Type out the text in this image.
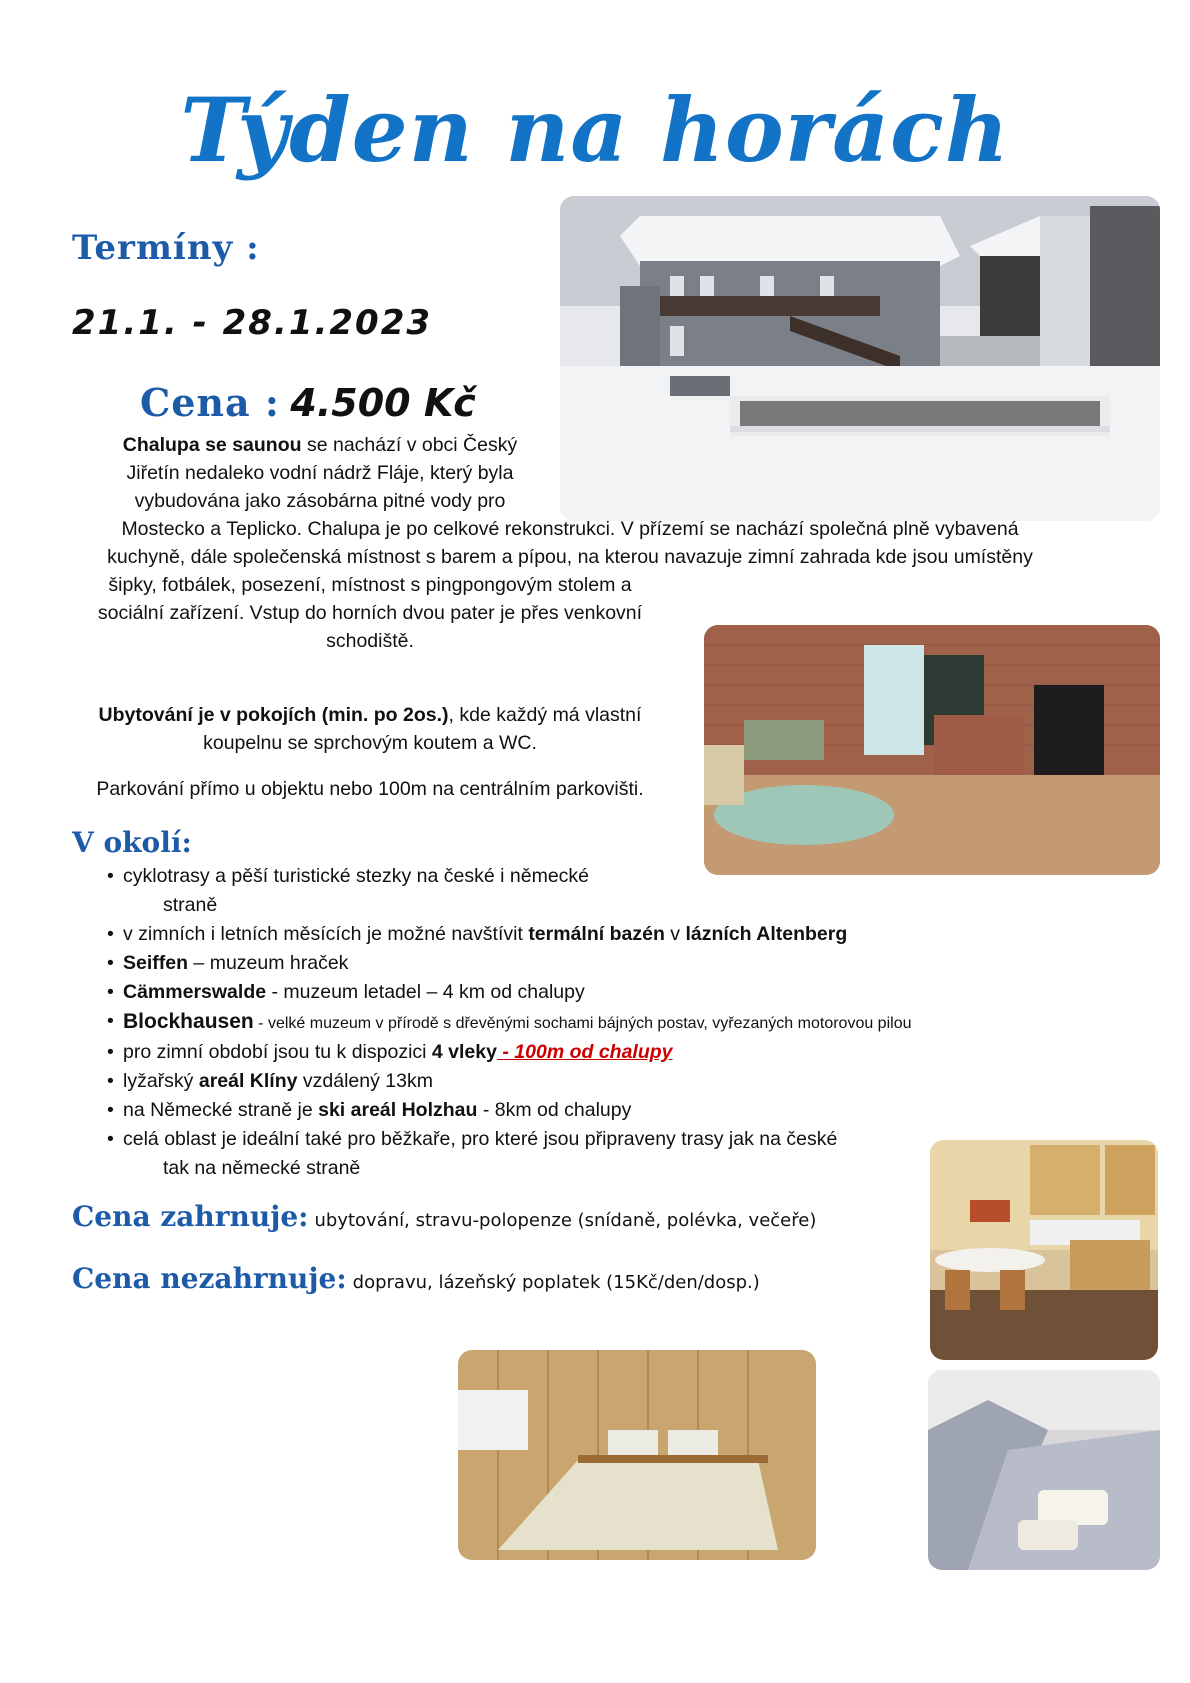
Týden na horách
Termíny :
21.1. - 28.1.2023
Cena : 4.500 Kč
Chalupa se saunou se nachází v obci Český
Jiřetín nedaleko vodní nádrž Fláje, který byla
vybudována jako zásobárna pitné vody pro
Mostecko a Teplicko. Chalupa je po celkové rekonstrukci. V přízemí se nachází společná plně vybavená
kuchyně, dále společenská místnost s barem a pípou, na kterou navazuje zimní zahrada kde jsou umístěny
šipky, fotbálek, posezení, místnost s pingpongovým stolem a
sociální zařízení. Vstup do horních dvou pater je přes venkovní
schodiště.
Ubytování je v pokojích (min. po 2os.), kde každý má vlastní
koupelnu se sprchovým koutem a WC.
Parkování přímo u objektu nebo 100m na centrálním parkovišti.
V okolí:
• cyklotrasy a pěší turistické stezky na české i německé
straně
• v zimních i letních měsících je možné navštívit termální bazén v lázních Altenberg
• Seiffen – muzeum hraček
• Cämmerswalde - muzeum letadel – 4 km od chalupy
• Blockhausen - velké muzeum v přírodě s dřevěnými sochami bájných postav, vyřezaných motorovou pilou
• pro zimní období jsou tu k dispozici 4 vleky - 100m od chalupy
• lyžařský areál Klíny vzdálený 13km
• na Německé straně je ski areál Holzhau - 8km od chalupy
• celá oblast je ideální také pro běžkaře, pro které jsou připraveny trasy jak na české
tak na německé straně
Cena zahrnuje: ubytování, stravu-polopenze (snídaně, polévka, večeře)
Cena nezahrnuje: dopravu, lázeňský poplatek (15Kč/den/dosp.)
